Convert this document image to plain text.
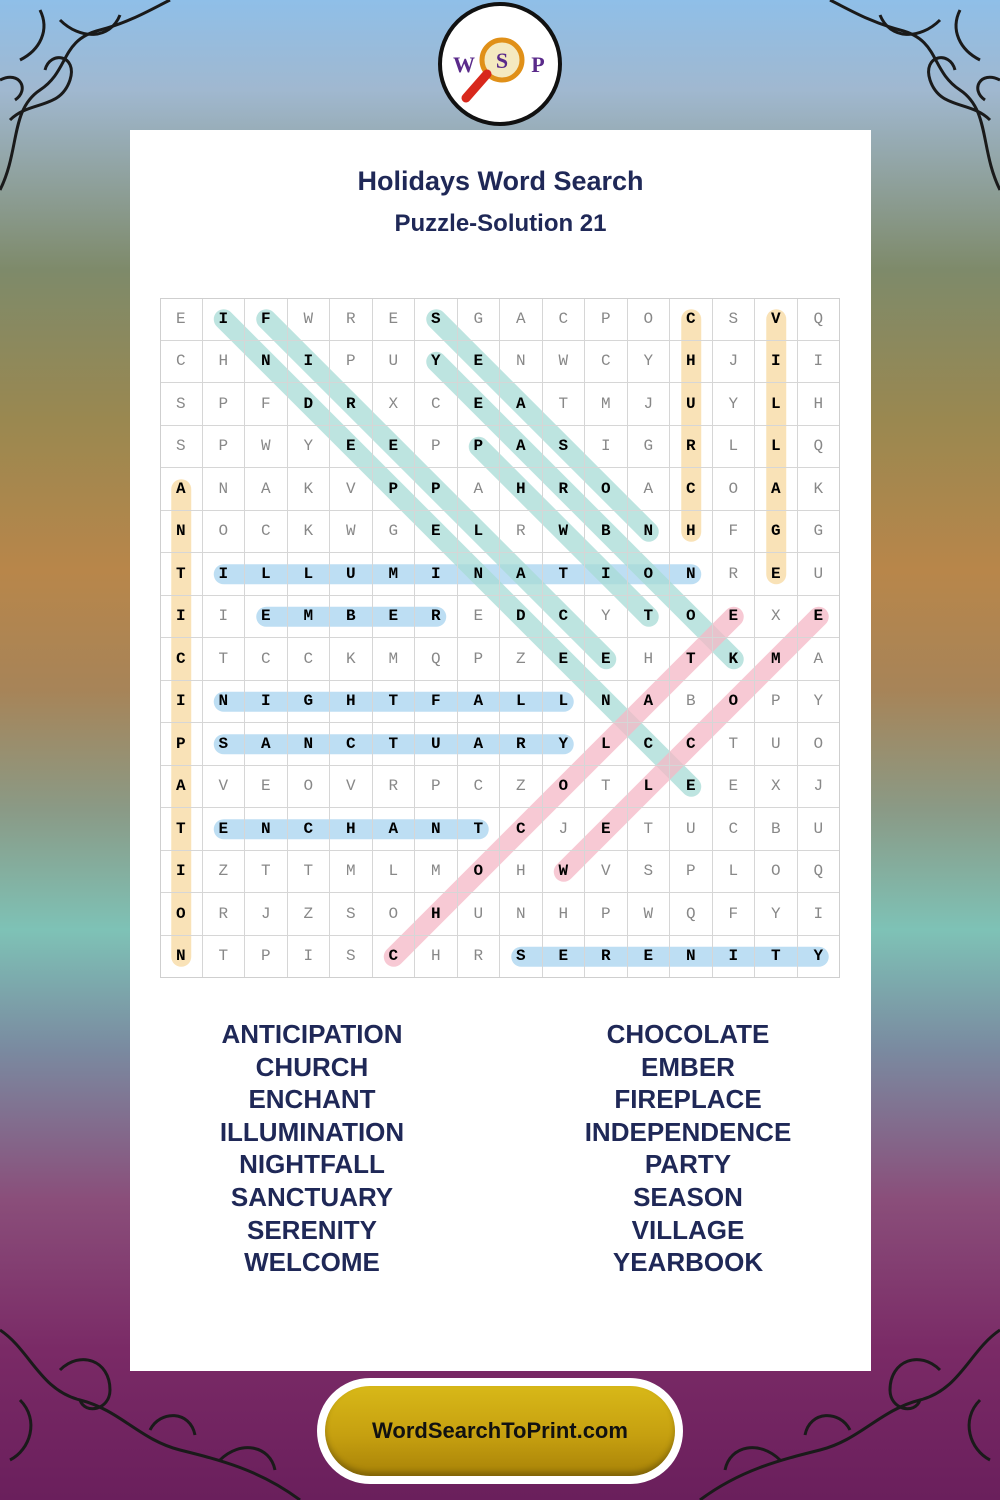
W S P
Holidays Word Search
Puzzle-Solution 21
E	I	F	W	R	E	S	G	A	C	P	O	C	S	V	Q
C	H	N	I	P	U	Y	E	N	W	C	Y	H	J	I	I
S	P	F	D	R	X	C	E	A	T	M	J	U	Y	L	H
S	P	W	Y	E	E	P	P	A	S	I	G	R	L	L	Q
A	N	A	K	V	P	P	A	H	R	O	A	C	O	A	K
N	O	C	K	W	G	E	L	R	W	B	N	H	F	G	G
T	I	L	L	U	M	I	N	A	T	I	O	N	R	E	U
I	I	E	M	B	E	R	E	D	C	Y	T	O	E	X	E
C	T	C	C	K	M	Q	P	Z	E	E	H	T	K	M	A
I	N	I	G	H	T	F	A	L	L	N	A	B	O	P	Y
P	S	A	N	C	T	U	A	R	Y	L	C	C	T	U	O
A	V	E	O	V	R	P	C	Z	O	T	L	E	E	X	J
T	E	N	C	H	A	N	T	C	J	E	T	U	C	B	U
I	Z	T	T	M	L	M	O	H	W	V	S	P	L	O	Q
O	R	J	Z	S	O	H	U	N	H	P	W	Q	F	Y	I
N	T	P	I	S	C	H	R	S	E	R	E	N	I	T	Y
ANTICIPATION
CHURCH
ENCHANT
ILLUMINATION
NIGHTFALL
SANCTUARY
SERENITY
WELCOME
CHOCOLATE
EMBER
FIREPLACE
INDEPENDENCE
PARTY
SEASON
VILLAGE
YEARBOOK
WordSearchToPrint.com
